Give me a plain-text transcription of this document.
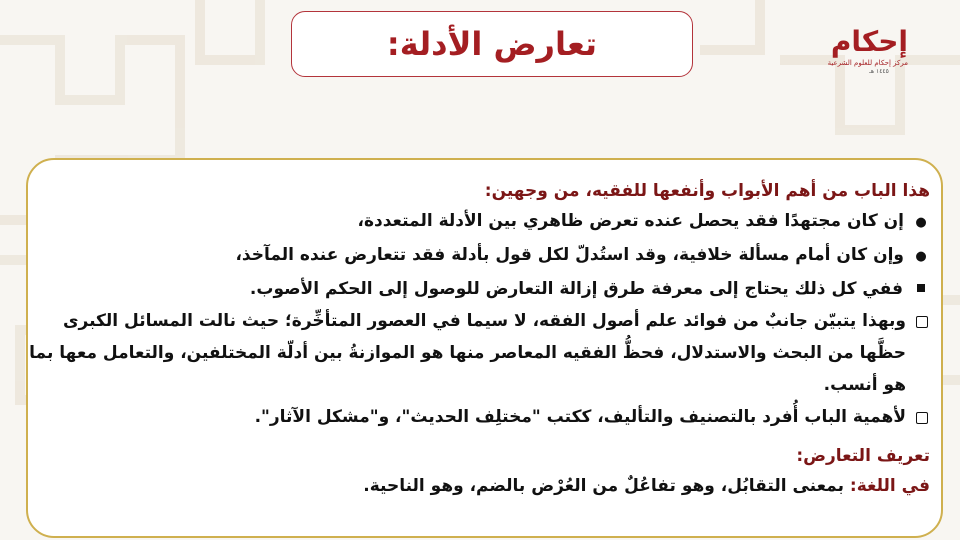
تعارض الأدلة:	إحكام
مركز إحكام للعلوم الشرعية
١٤٤٥ هـ
هذا الباب من أهم الأبواب وأنفعها للفقيه، من وجهين:
●
إن كان مجتهدًا فقد يحصل عنده تعرض ظاهري بين الأدلة المتعددة،
●
وإن كان أمام مسألة خلافية، وقد استُدلّ لكل قول بأدلة فقد تتعارض عنده المآخذ،
ففي كل ذلك يحتاج إلى معرفة طرق إزالة التعارض للوصول إلى الحكم الأصوب.
وبهذا يتبيّن جانبٌ من فوائد علم أصول الفقه، لا سيما في العصور المتأخِّرة؛ حيث نالت المسائل الكبرى حظَّها من البحث والاستدلال، فحظُّ الفقيه المعاصر منها هو الموازنةُ بين أدلّة المختلفين، والتعامل معها بما هو أنسب.
لأهمية الباب أُفرد بالتصنيف والتأليف، ككتب "مختلِف الحديث"، و"مشكل الآثار".
تعريف التعارض:
في اللغة: بمعنى التقابُل، وهو تفاعُلٌ من العُرْض بالضم، وهو الناحية.
